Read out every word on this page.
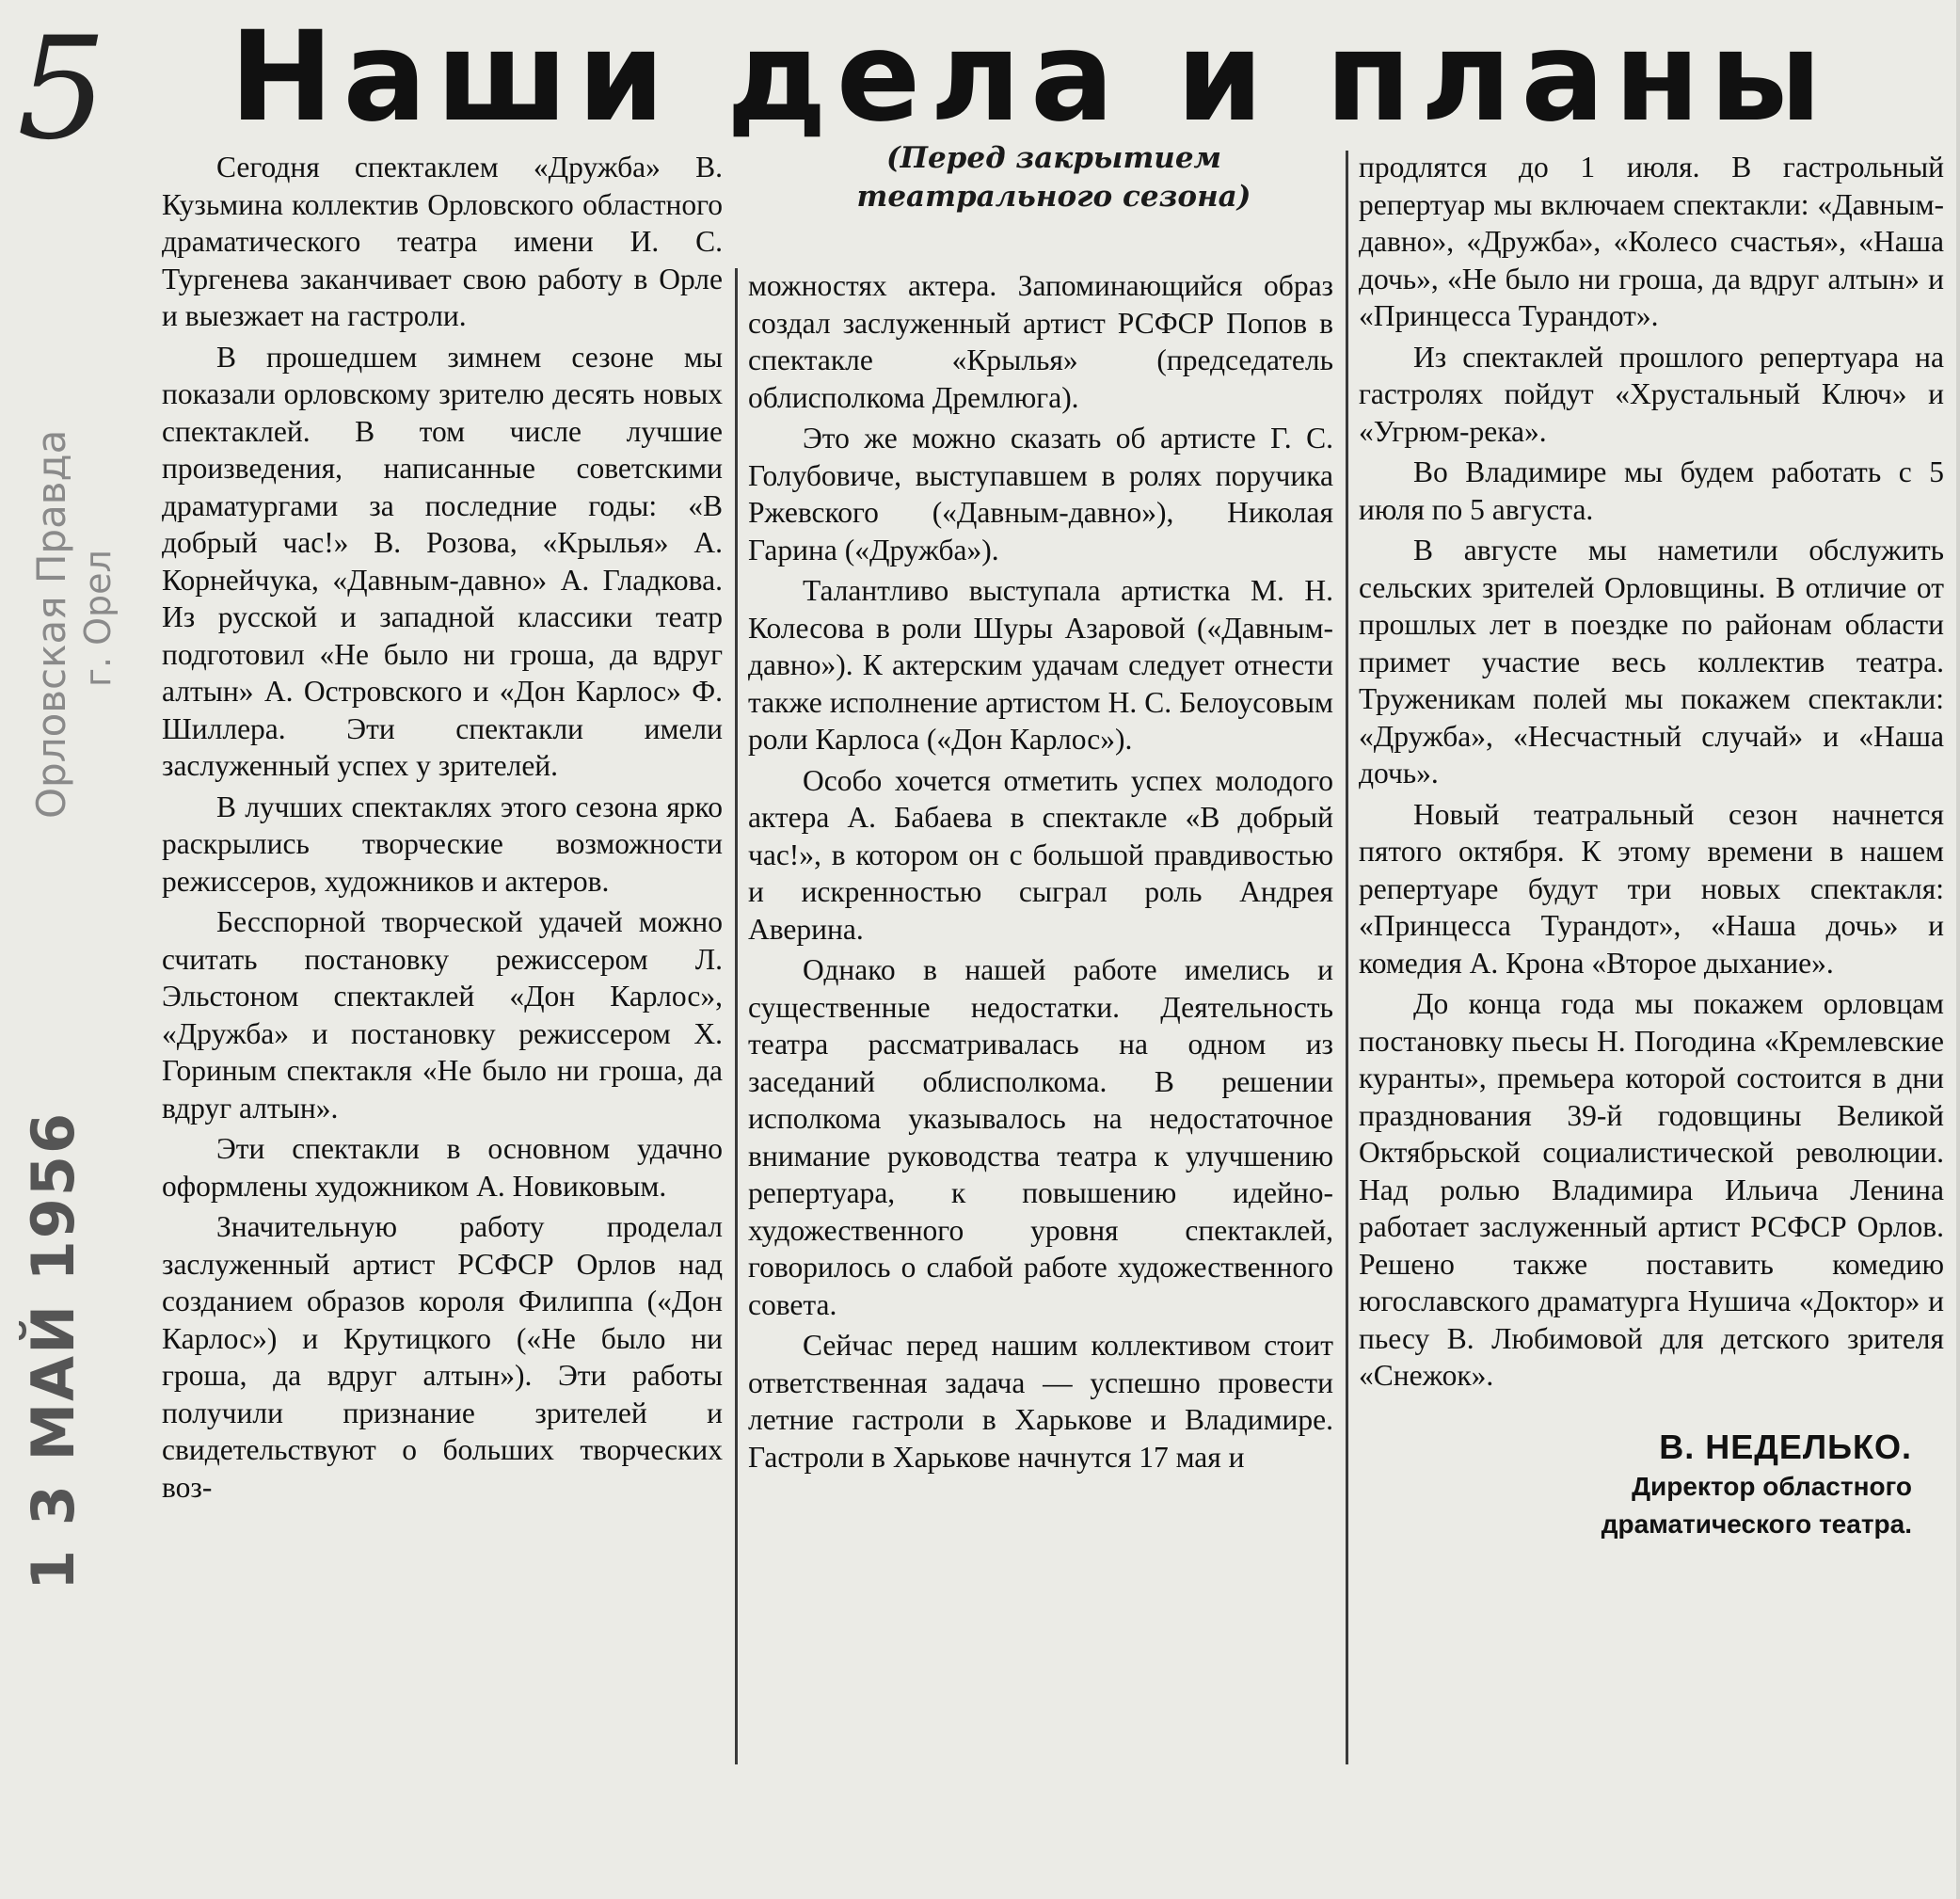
5
Орловская Правда г. Орел
1 3 МАЙ 1956
Наши дела и планы
(Перед закрытием
театрального сезона)

Сегодня спектаклем «Дружба» В. Кузьмина коллектив Орловского областного драматического театра имени И. С. Тургенева заканчивает свою работу в Орле и выезжает на гастроли.

В прошедшем зимнем сезоне мы показали орловскому зрителю десять новых спектаклей. В том числе лучшие произведения, написанные советскими драматургами за последние годы: «В добрый час!» В. Розова, «Крылья» А. Корнейчука, «Давным-давно» А. Гладкова. Из русской и западной классики театр подготовил «Не было ни гроша, да вдруг алтын» А. Островского и «Дон Карлос» Ф. Шиллера. Эти спектакли имели заслуженный успех у зрителей.

В лучших спектаклях этого сезона ярко раскрылись творческие возможности режиссеров, художников и актеров.

Бесспорной творческой удачей можно считать постановку режиссером Л. Эльстоном спектаклей «Дон Карлос», «Дружба» и постановку режиссером Х. Гориным спектакля «Не было ни гроша, да вдруг алтын».

Эти спектакли в основном удачно оформлены художником А. Новиковым.

Значительную работу проделал заслуженный артист РСФСР Орлов над созданием образов короля Филиппа («Дон Карлос») и Крутицкого («Не было ни гроша, да вдруг алтын»). Эти работы получили признание зрителей и свидетельствуют о больших творческих воз-

можностях актера. Запоминающийся образ создал заслуженный артист РСФСР Попов в спектакле «Крылья» (председатель облисполкома Дремлюга).

Это же можно сказать об артисте Г. С. Голубовиче, выступавшем в ролях поручика Ржевского («Давным-давно»), Николая Гарина («Дружба»).

Талантливо выступала артистка М. Н. Колесова в роли Шуры Азаровой («Давным-давно»). К актерским удачам следует отнести также исполнение артистом Н. С. Белоусовым роли Карлоса («Дон Карлос»).

Особо хочется отметить успех молодого актера А. Бабаева в спектакле «В добрый час!», в котором он с большой правдивостью и искренностью сыграл роль Андрея Аверина.

Однако в нашей работе имелись и существенные недостатки. Деятельность театра рассматривалась на одном из заседаний облисполкома. В решении исполкома указывалось на недостаточное внимание руководства театра к улучшению репертуара, к повышению идейно-художественного уровня спектаклей, говорилось о слабой работе художественного совета.

Сейчас перед нашим коллективом стоит ответственная задача — успешно провести летние гастроли в Харькове и Владимире. Гастроли в Харькове начнутся 17 мая и

продлятся до 1 июля. В гастрольный репертуар мы включаем спектакли: «Давным-давно», «Дружба», «Колесо счастья», «Наша дочь», «Не было ни гроша, да вдруг алтын» и «Принцесса Турандот».

Из спектаклей прошлого репертуара на гастролях пойдут «Хрустальный Ключ» и «Угрюм-река».

Во Владимире мы будем работать с 5 июля по 5 августа.

В августе мы наметили обслужить сельских зрителей Орловщины. В отличие от прошлых лет в поездке по районам области примет участие весь коллектив театра. Труженикам полей мы покажем спектакли: «Дружба», «Несчастный случай» и «Наша дочь».

Новый театральный сезон начнется пятого октября. К этому времени в нашем репертуаре будут три новых спектакля: «Принцесса Турандот», «Наша дочь» и комедия А. Крона «Второе дыхание».

До конца года мы покажем орловцам постановку пьесы Н. Погодина «Кремлевские куранты», премьера которой состоится в дни празднования 39-й годовщины Великой Октябрьской социалистической революции. Над ролью Владимира Ильича Ленина работает заслуженный артист РСФСР Орлов. Решено также поставить комедию югославского драматурга Нушича «Доктор» и пьесу В. Любимовой для детского зрителя «Снежок».

В. НЕДЕЛЬКО.
Директор областного
драматического театра.
